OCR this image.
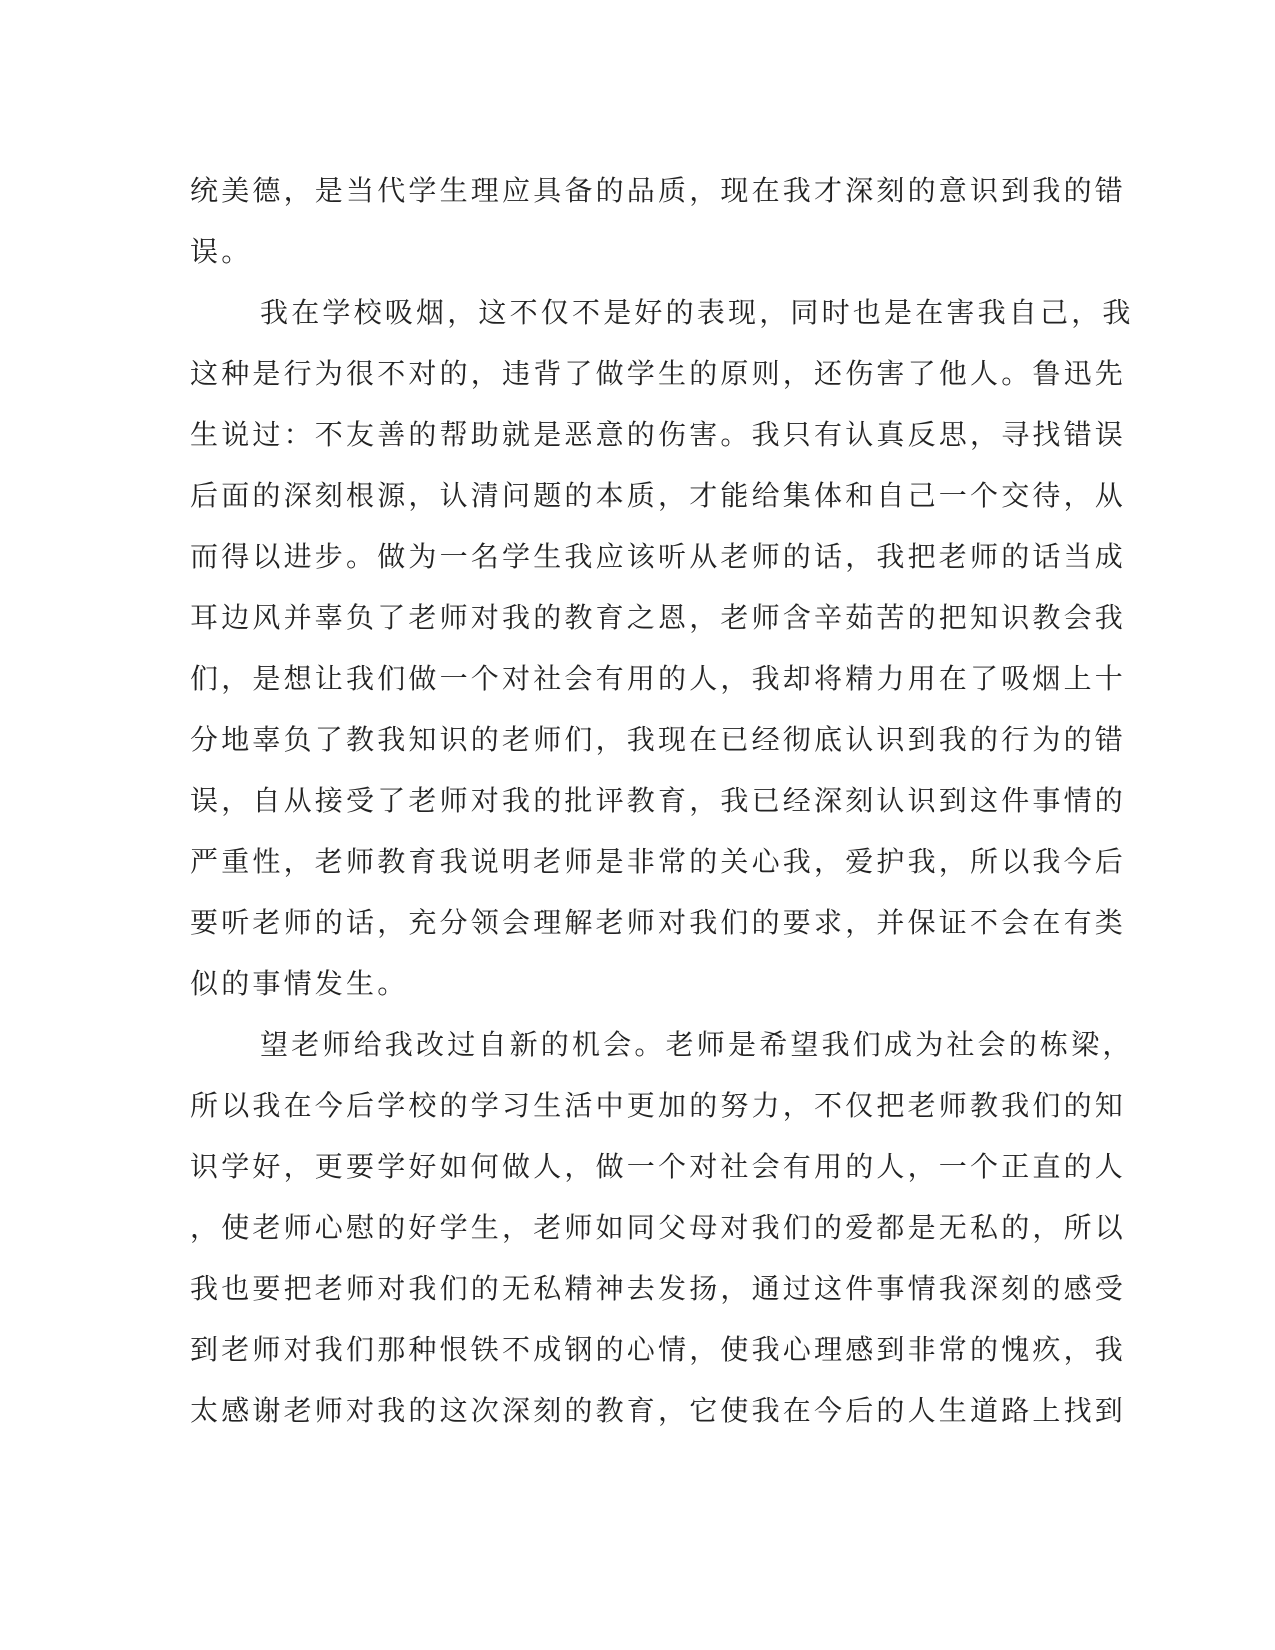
统美德，是当代学生理应具备的品质，现在我才深刻的意识到我的错
误。
我在学校吸烟，这不仅不是好的表现，同时也是在害我自己，我
这种是行为很不对的，违背了做学生的原则，还伤害了他人。鲁迅先
生说过：不友善的帮助就是恶意的伤害。我只有认真反思，寻找错误
后面的深刻根源，认清问题的本质，才能给集体和自己一个交待，从
而得以进步。做为一名学生我应该听从老师的话，我把老师的话当成
耳边风并辜负了老师对我的教育之恩，老师含辛茹苦的把知识教会我
们，是想让我们做一个对社会有用的人，我却将精力用在了吸烟上十
分地辜负了教我知识的老师们，我现在已经彻底认识到我的行为的错
误，自从接受了老师对我的批评教育，我已经深刻认识到这件事情的
严重性，老师教育我说明老师是非常的关心我，爱护我，所以我今后
要听老师的话，充分领会理解老师对我们的要求，并保证不会在有类
似的事情发生。
望老师给我改过自新的机会。老师是希望我们成为社会的栋梁，
所以我在今后学校的学习生活中更加的努力，不仅把老师教我们的知
识学好，更要学好如何做人，做一个对社会有用的人，一个正直的人
，使老师心慰的好学生，老师如同父母对我们的爱都是无私的，所以
我也要把老师对我们的无私精神去发扬，通过这件事情我深刻的感受
到老师对我们那种恨铁不成钢的心情，使我心理感到非常的愧疚，我
太感谢老师对我的这次深刻的教育，它使我在今后的人生道路上找到
